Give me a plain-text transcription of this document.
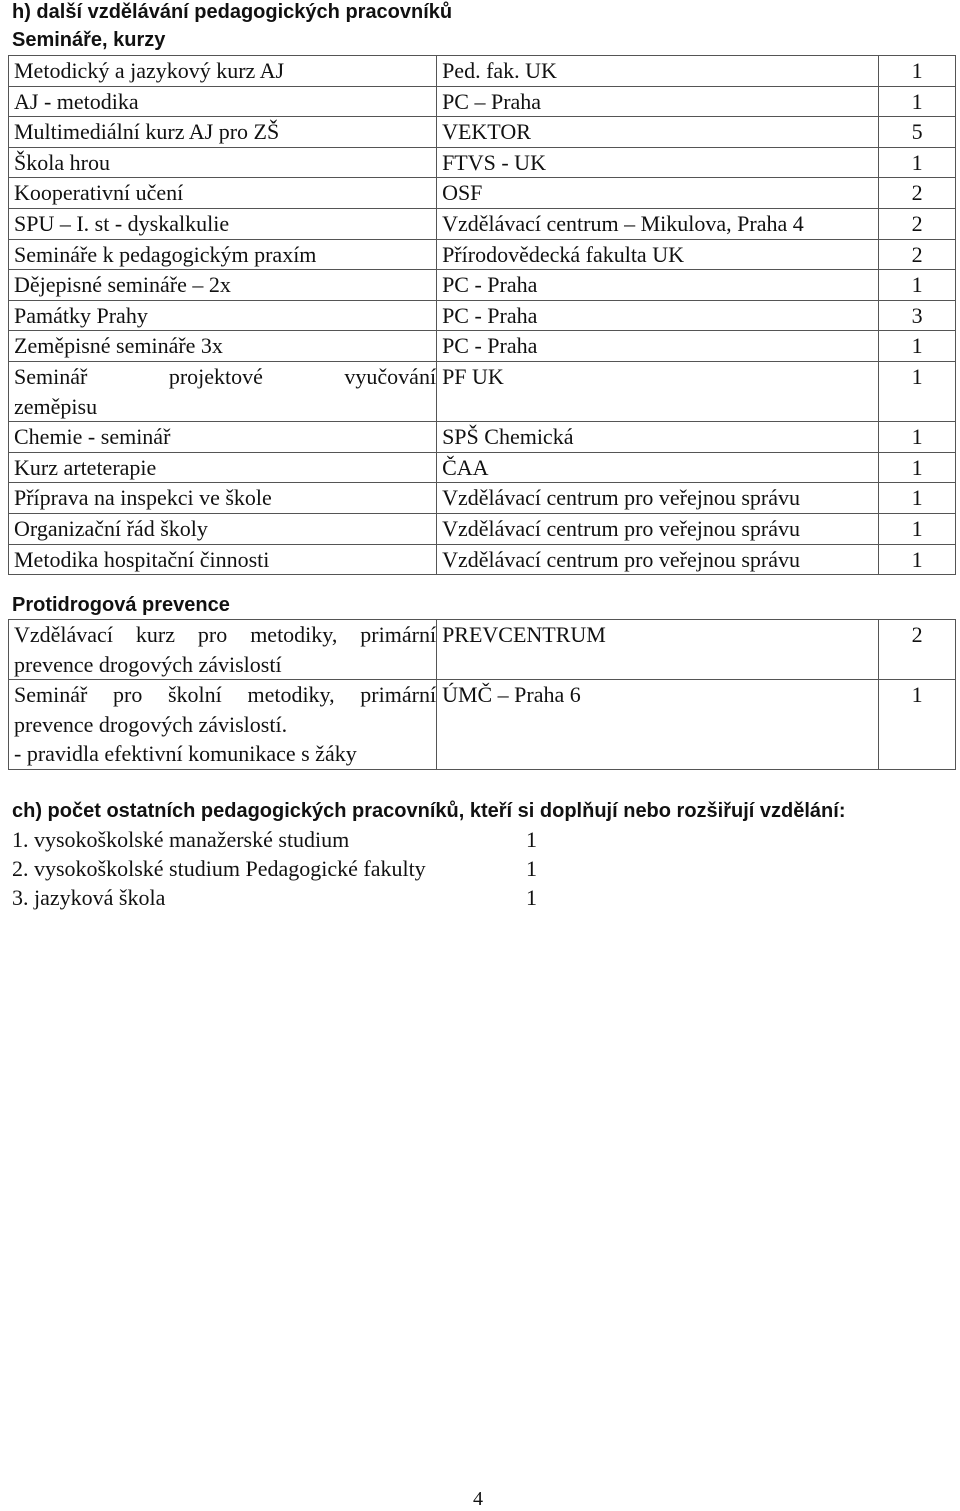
h) další vzdělávání pedagogických pracovníků
Semináře, kurzy
Metodický a jazykový kurz AJ	Ped. fak. UK	1
AJ - metodika	PC – Praha	1
Multimediální kurz AJ pro ZŠ	VEKTOR	5
Škola hrou	FTVS - UK	1
Kooperativní učení	OSF	2
SPU – I. st - dyskalkulie	Vzdělávací centrum – Mikulova, Praha 4	2
Semináře k pedagogickým praxím	Přírodovědecká fakulta UK	2
Dějepisné semináře – 2x	PC - Praha	1
Památky Prahy	PC - Praha	3
Zeměpisné semináře 3x	PC - Praha	1

Seminář projektové vyučování
zeměpisu	PF UK	1
Chemie - seminář	SPŠ Chemická	1
Kurz arteterapie	ČAA	1
Příprava na inspekci ve škole	Vzdělávací centrum pro veřejnou správu	1
Organizační řád školy	Vzdělávací centrum pro veřejnou správu	1
Metodika hospitační činnosti	Vzdělávací centrum pro veřejnou správu	1
Protidrogová prevence
Vzdělávací kurz pro metodiky, primární prevence drogových závislostí	PREVCENTRUM	2

Seminář pro školní metodiky, primární prevence drogových závislostí.
- pravidla efektivní komunikace s žáky	ÚMČ – Praha 6	1
ch) počet ostatních pedagogických pracovníků, kteří si doplňují nebo rozšiřují vzdělání:
1. vysokoškolské manažerské studium	1
2. vysokoškolské studium Pedagogické fakulty	1
3. jazyková škola	1
4
